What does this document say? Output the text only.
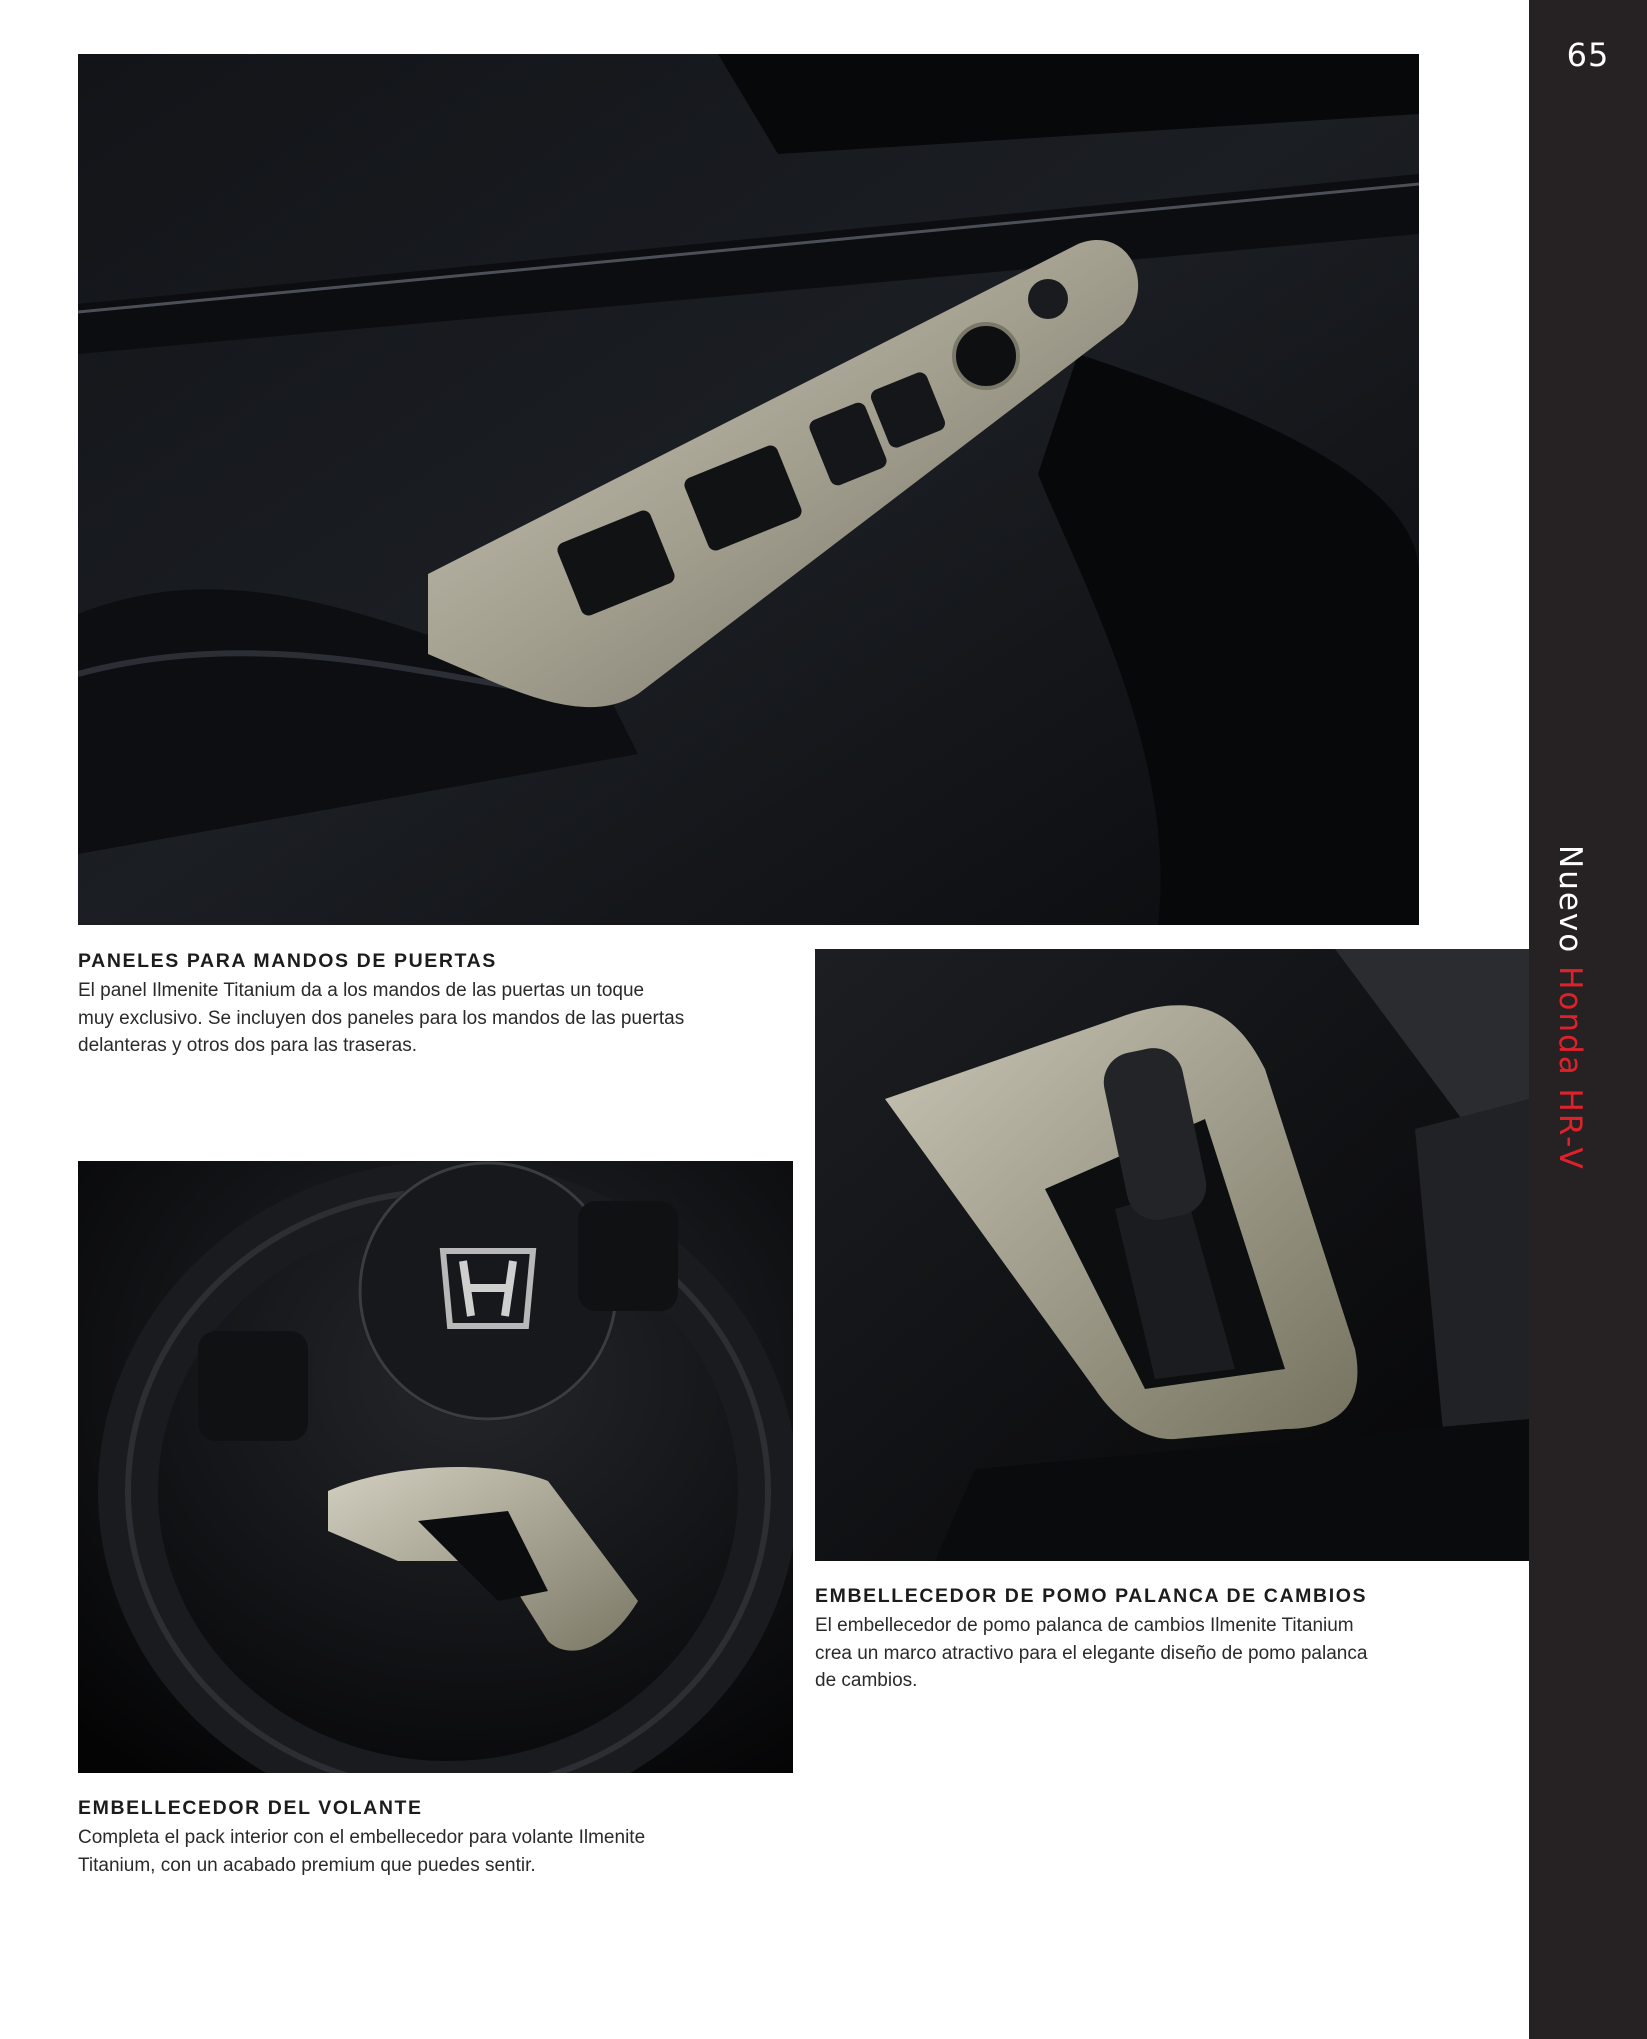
65
Nuevo Honda HR-V
PANELES PARA MANDOS DE PUERTAS

El panel Ilmenite Titanium da a los mandos de las puertas un toque
muy exclusivo. Se incluyen dos paneles para los mandos de las puertas
delanteras y otros dos para las traseras.

EMBELLECEDOR DE POMO PALANCA DE CAMBIOS

El embellecedor de pomo palanca de cambios Ilmenite Titanium
crea un marco atractivo para el elegante diseño de pomo palanca
de cambios.

EMBELLECEDOR DEL VOLANTE

Completa el pack interior con el embellecedor para volante Ilmenite
Titanium, con un acabado premium que puedes sentir.
